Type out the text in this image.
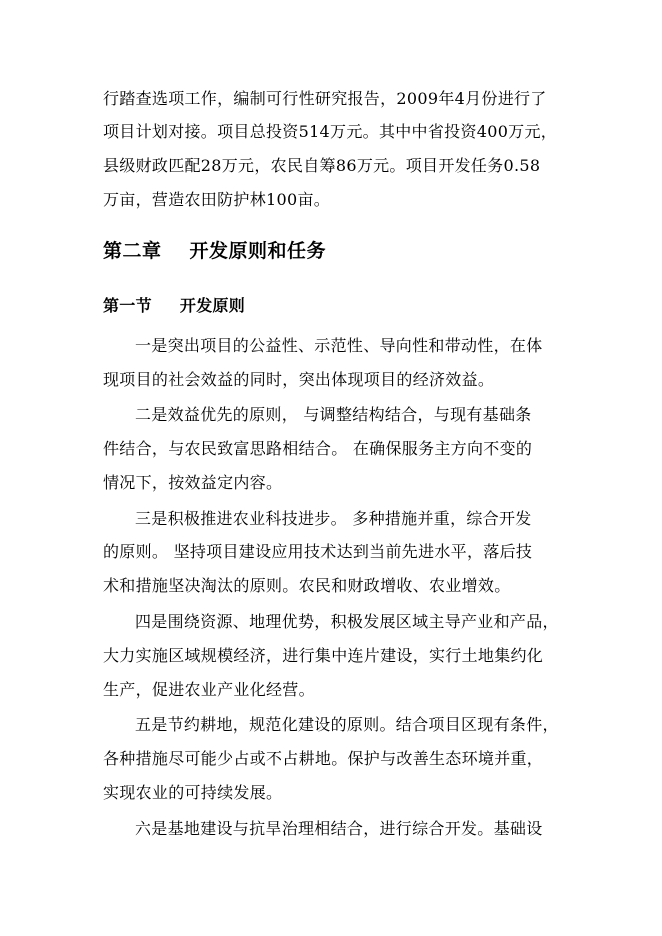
行踏查选项工作，编制可行性研究报告，2009年4月份进行了
项目计划对接。项目总投资514万元。其中中省投资400万元，
县级财政匹配28万元，农民自筹86万元。项目开发任务0.58
万亩，营造农田防护林100亩。
第二章 开发原则和任务
第一节 开发原则
一是突出项目的公益性、示范性、导向性和带动性，在体
现项目的社会效益的同时，突出体现项目的经济效益。
二是效益优先的原则， 与调整结构结合，与现有基础条
件结合，与农民致富思路相结合。 在确保服务主方向不变的
情况下，按效益定内容。
三是积极推进农业科技进步。 多种措施并重，综合开发
的原则。 坚持项目建设应用技术达到当前先进水平，落后技
术和措施坚决淘汰的原则。农民和财政增收、农业增效。
四是围绕资源、地理优势，积极发展区域主导产业和产品，
大力实施区域规模经济，进行集中连片建设，实行土地集约化
生产，促进农业产业化经营。
五是节约耕地，规范化建设的原则。结合项目区现有条件，
各种措施尽可能少占或不占耕地。保护与改善生态环境并重，
实现农业的可持续发展。
六是基地建设与抗旱治理相结合，进行综合开发。基础设
